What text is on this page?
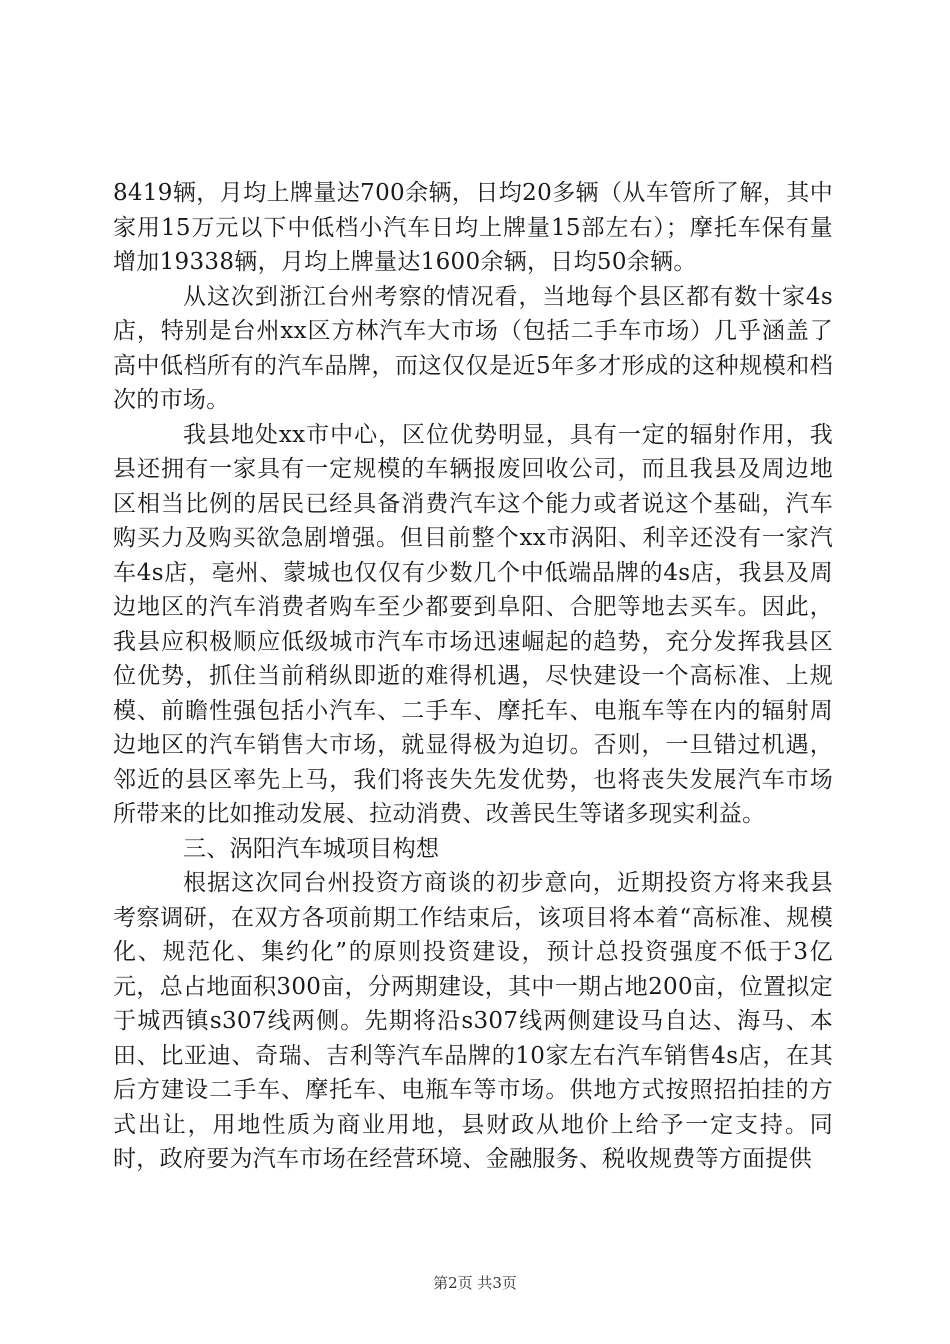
8419辆，月均上牌量达700余辆，日均20多辆（从车管所了解，其中家用15万元以下中低档小汽车日均上牌量15部左右）；摩托车保有量增加19338辆，月均上牌量达1600余辆，日均50余辆。

从这次到浙江台州考察的情况看，当地每个县区都有数十家4s店，特别是台州xx区方林汽车大市场（包括二手车市场）几乎涵盖了高中低档所有的汽车品牌，而这仅仅是近5年多才形成的这种规模和档次的市场。

我县地处xx市中心，区位优势明显，具有一定的辐射作用，我县还拥有一家具有一定规模的车辆报废回收公司，而且我县及周边地区相当比例的居民已经具备消费汽车这个能力或者说这个基础，汽车购买力及购买欲急剧增强。但目前整个xx市涡阳、利辛还没有一家汽车4s店，亳州、蒙城也仅仅有少数几个中低端品牌的4s店，我县及周边地区的汽车消费者购车至少都要到阜阳、合肥等地去买车。因此，我县应积极顺应低级城市汽车市场迅速崛起的趋势，充分发挥我县区位优势，抓住当前稍纵即逝的难得机遇，尽快建设一个高标准、上规模、前瞻性强包括小汽车、二手车、摩托车、电瓶车等在内的辐射周边地区的汽车销售大市场，就显得极为迫切。否则，一旦错过机遇，邻近的县区率先上马，我们将丧失先发优势，也将丧失发展汽车市场所带来的比如推动发展、拉动消费、改善民生等诸多现实利益。

三、涡阳汽车城项目构想

根据这次同台州投资方商谈的初步意向，近期投资方将来我县考察调研，在双方各项前期工作结束后，该项目将本着“高标准、规模化、规范化、集约化”的原则投资建设，预计总投资强度不低于3亿元，总占地面积300亩，分两期建设，其中一期占地200亩，位置拟定于城西镇s307线两侧。先期将沿s307线两侧建设马自达、海马、本田、比亚迪、奇瑞、吉利等汽车品牌的10家左右汽车销售4s店，在其后方建设二手车、摩托车、电瓶车等市场。供地方式按照招拍挂的方式出让，用地性质为商业用地，县财政从地价上给予一定支持。同时，政府要为汽车市场在经营环境、金融服务、税收规费等方面提供

第2页 共3页
